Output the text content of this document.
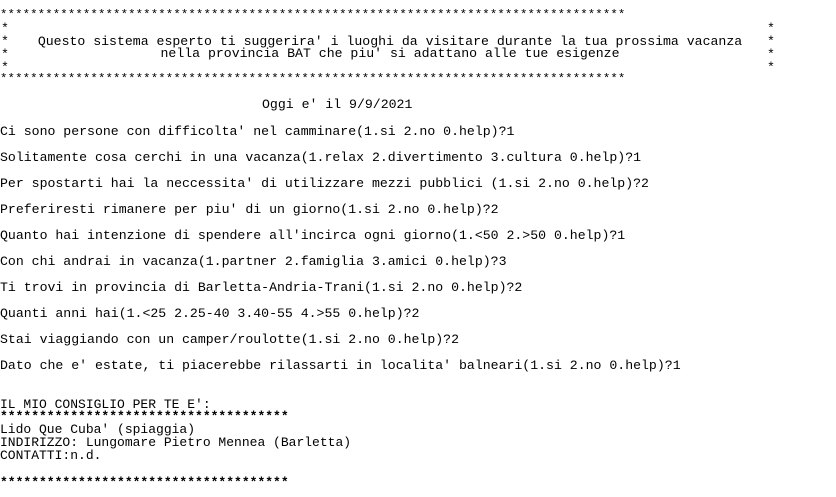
***********************************************************************************
*	*
*	Questo sistema esperto ti suggerira' i luoghi da visitare durante la tua prossima vacanza	*
*	nella provincia BAT che piu' si adattano alle tue esigenze	*
*	*
***********************************************************************************
Oggi e' il 9/9/2021
Ci sono persone con difficolta' nel camminare(1.si 2.no 0.help)?1
Solitamente cosa cerchi in una vacanza(1.relax 2.divertimento 3.cultura 0.help)?1
Per spostarti hai la neccessita' di utilizzare mezzi pubblici (1.si 2.no 0.help)?2
Preferiresti rimanere per piu' di un giorno(1.si 2.no 0.help)?2
Quanto hai intenzione di spendere all'incirca ogni giorno(1.<50 2.>50 0.help)?1
Con chi andrai in vacanza(1.partner 2.famiglia 3.amici 0.help)?3
Ti trovi in provincia di Barletta-Andria-Trani(1.si 2.no 0.help)?2
Quanti anni hai(1.<25 2.25-40 3.40-55 4.>55 0.help)?2
Stai viaggiando con un camper/roulotte(1.si 2.no 0.help)?2
Dato che e' estate, ti piacerebbe rilassarti in localita' balneari(1.si 2.no 0.help)?1
IL MIO CONSIGLIO PER TE E':
*************************************
Lido Que Cuba' (spiaggia)
INDIRIZZO: Lungomare Pietro Mennea (Barletta)
CONTATTI:n.d.
*************************************
